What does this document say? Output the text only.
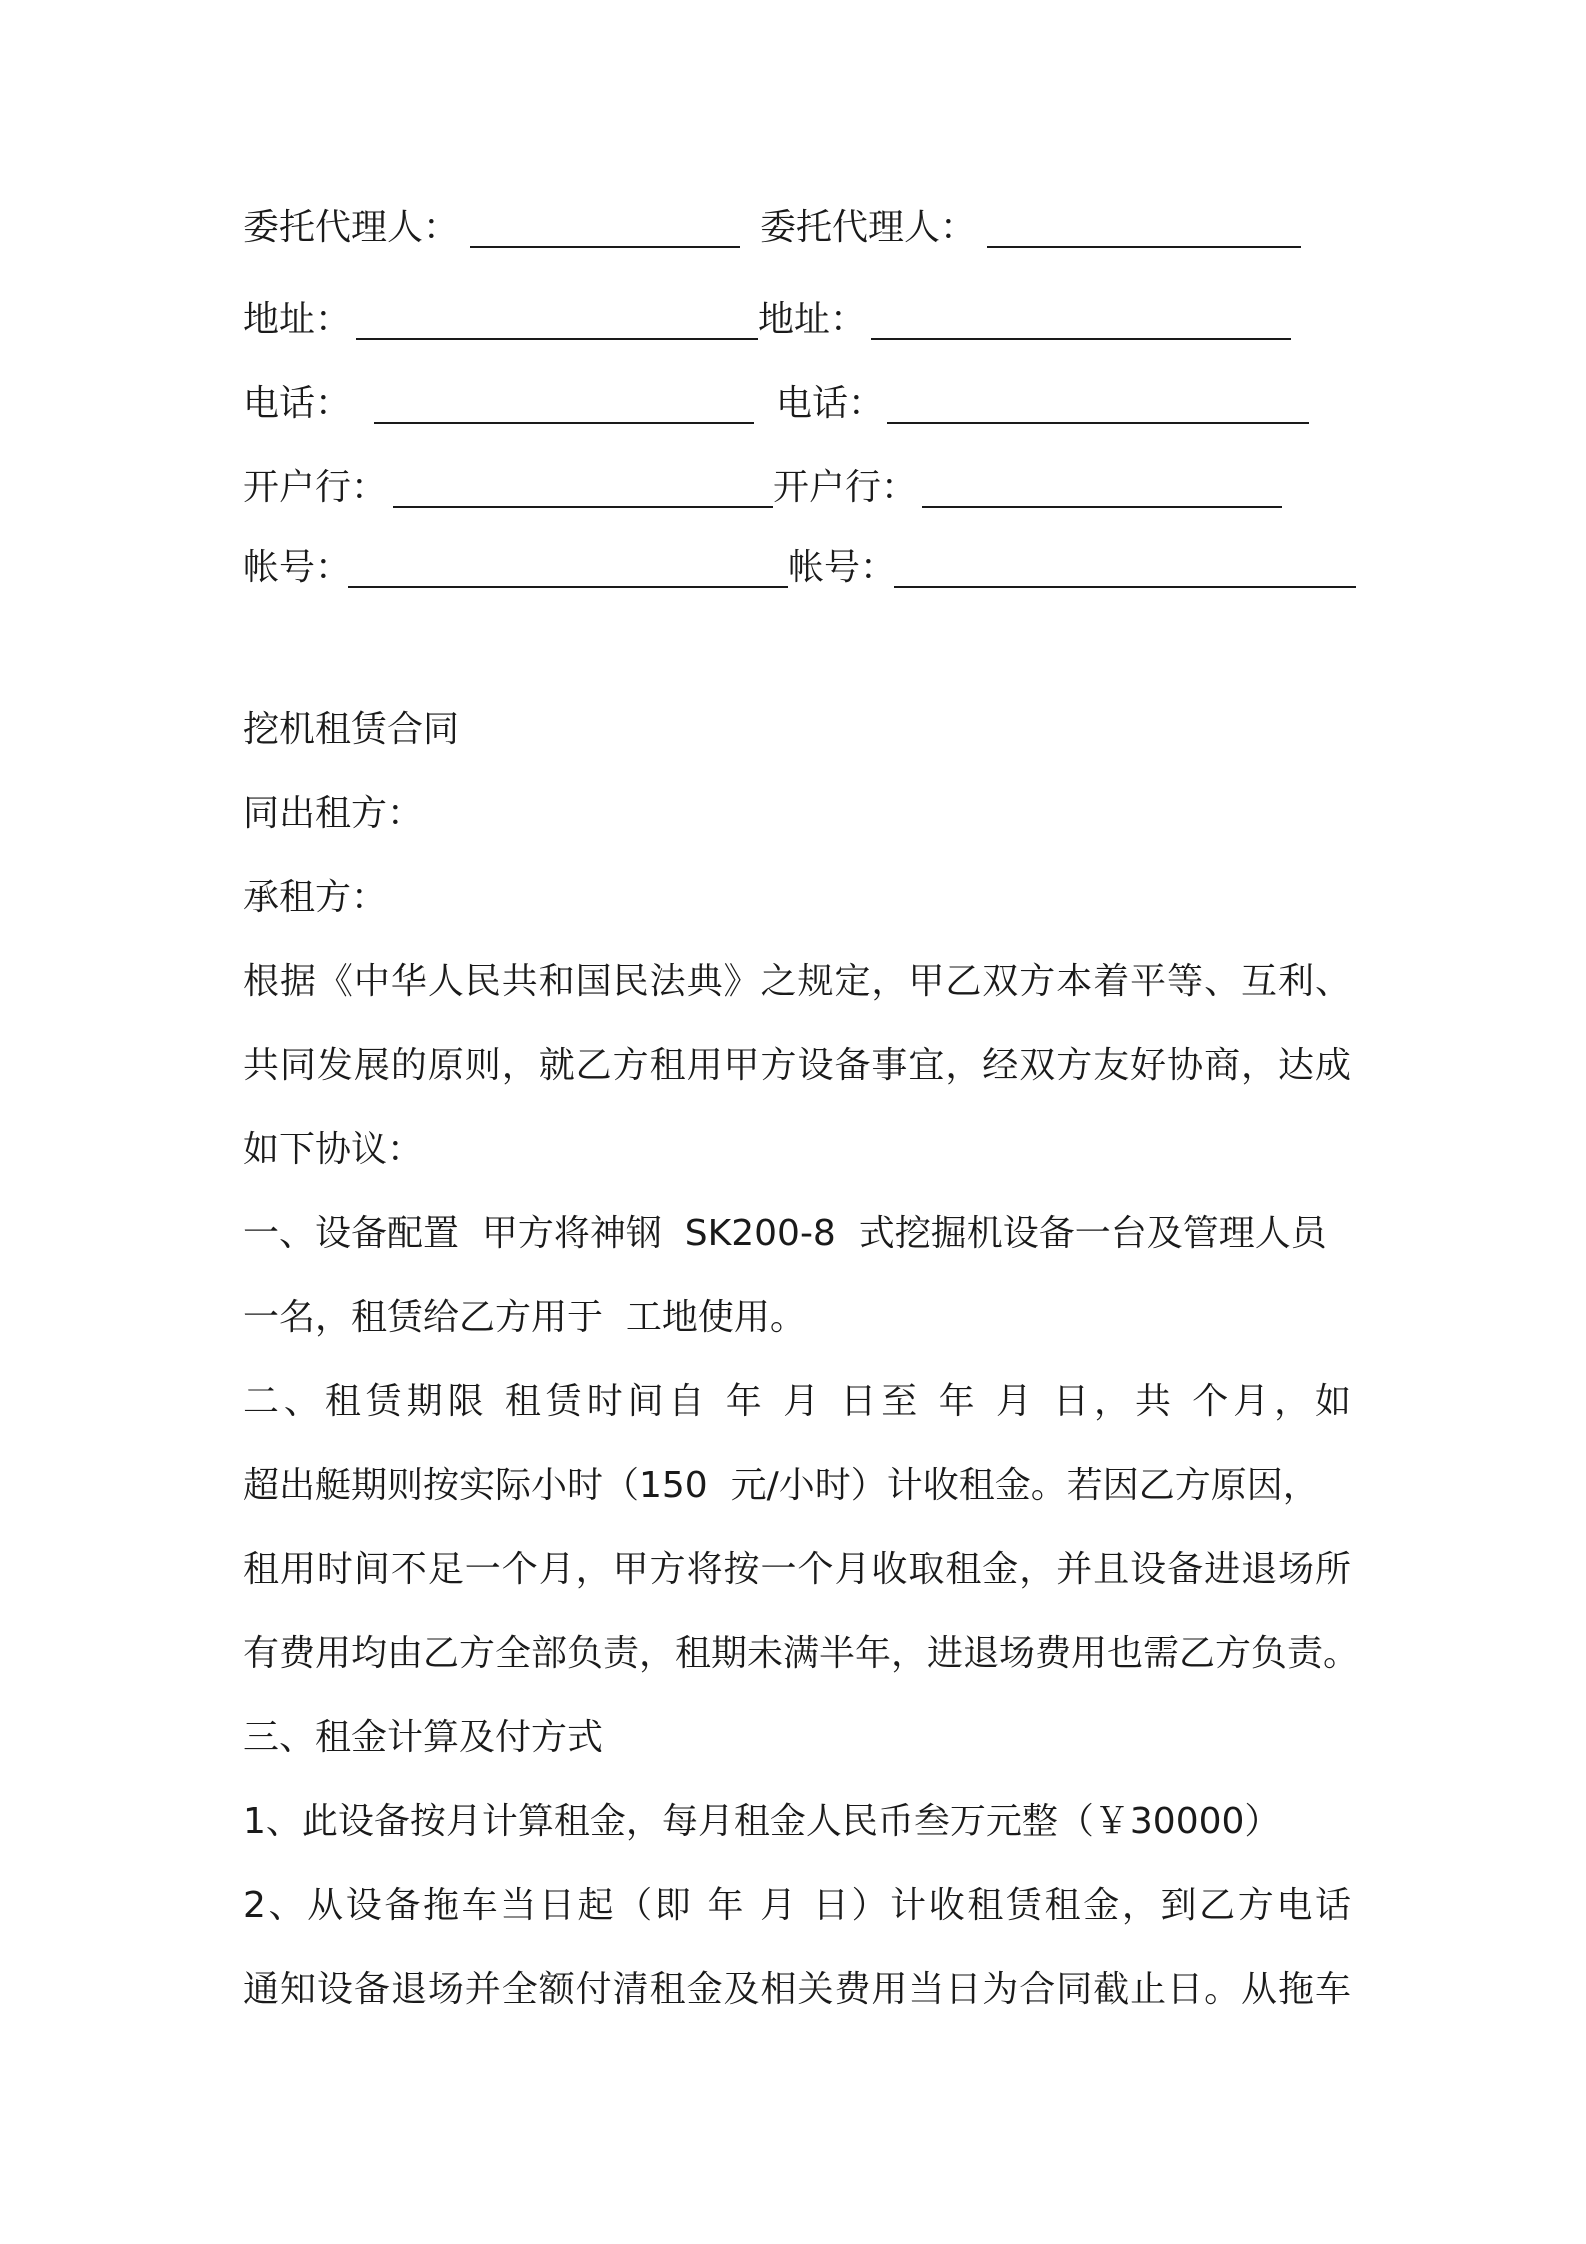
委托代理人：	委托代理人：
地址：	地址：
电话：	电话：
开户行：	开户行：
帐号：	帐号：
挖机租赁合同
同出租方：
承租方：
根据《中华人民共和国民法典》之规定，甲乙双方本着平等、互利、
共同发展的原则，就乙方租用甲方设备事宜，经双方友好协商，达成
如下协议：
一、设备配置  甲方将神钢  SK200-8  式挖掘机设备一台及管理人员
一名，租赁给乙方用于  工地使用。
二、租赁期限 租赁时间自 年 月 日至 年 月 日，共 个月，如
超出艇期则按实际小时（150  元/小时）计收租金。若因乙方原因，
租用时间不足一个月，甲方将按一个月收取租金，并且设备进退场所
有费用均由乙方全部负责，租期未满半年，进退场费用也需乙方负责。
三、租金计算及付方式
1、此设备按月计算租金，每月租金人民币叁万元整（￥30000）
2、从设备拖车当日起（即 年 月 日）计收租赁租金，到乙方电话
通知设备退场并全额付清租金及相关费用当日为合同截止日。从拖车
